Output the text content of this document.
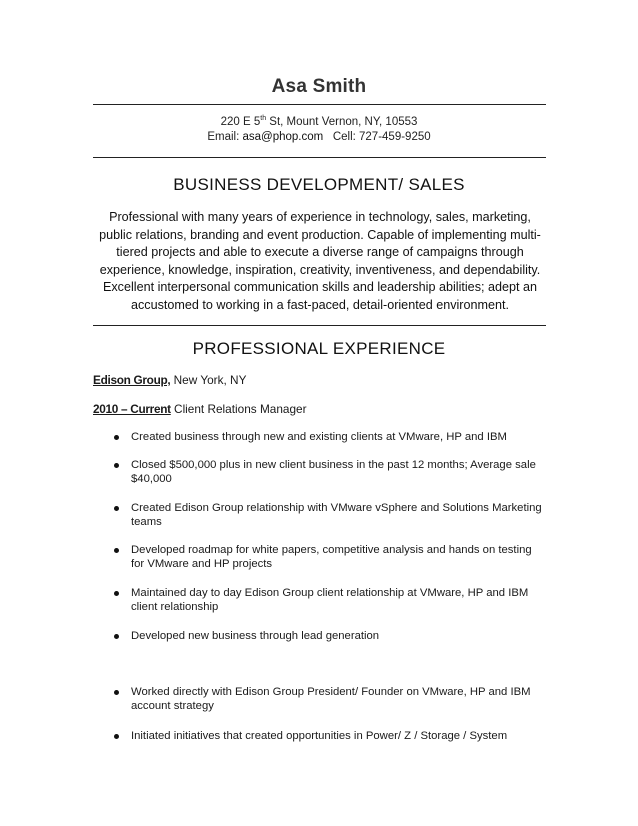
Asa Smith
220 E 5th St, Mount Vernon, NY, 10553
Email: asa@phop.com   Cell: 727-459-9250
BUSINESS DEVELOPMENT/ SALES
Professional with many years of experience in technology, sales, marketing, public relations, branding and event production. Capable of implementing multi-tiered projects and able to execute a diverse range of campaigns through experience, knowledge, inspiration, creativity, inventiveness, and dependability. Excellent interpersonal communication skills and leadership abilities; adept an accustomed to working in a fast-paced, detail-oriented environment.
PROFESSIONAL EXPERIENCE
Edison Group, New York, NY
2010 – Current Client Relations Manager
Created business through new and existing clients at VMware, HP and IBM
Closed $500,000 plus in new client business in the past 12 months; Average sale $40,000
Created Edison Group relationship with VMware vSphere and Solutions Marketing teams
Developed roadmap for white papers, competitive analysis and hands on testing for VMware and HP projects
Maintained day to day Edison Group client relationship at VMware, HP and IBM client relationship
Developed new business through lead generation
Worked directly with Edison Group President/ Founder on VMware, HP and IBM account strategy
Initiated initiatives that created opportunities in Power/ Z / Storage / System
